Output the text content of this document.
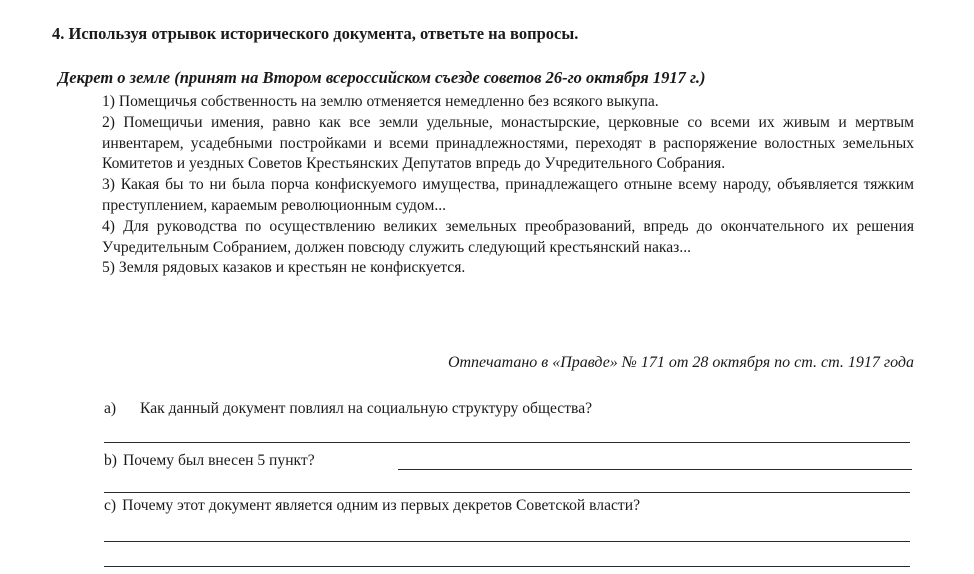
4. Используя отрывок исторического документа, ответьте на вопросы.
Декрет о земле (принят на Втором всероссийском съезде советов 26-го октября 1917 г.)

1) Помещичья собственность на землю отменяется немедленно без всякого выкупа.

2) Помещичьи имения, равно как все земли удельные, монастырские, церковные со всеми их живым и мертвым инвентарем, усадебными постройками и всеми принадлежностями, переходят в распоряжение волостных земельных Комитетов и уездных Советов Крестьянских Депутатов впредь до Учредительного Собрания.

3) Какая бы то ни была порча конфискуемого имущества, принадлежащего отныне всему народу, объявляется тяжким преступлением, караемым революционным судом...

4) Для руководства по осуществлению великих земельных преобразований, впредь до окончательного их решения Учредительным Собранием, должен повсюду служить следующий крестьянский наказ...

5) Земля рядовых казаков и крестьян не конфискуется.

Отпечатано в «Правде» № 171 от 28 октября по ст. ст. 1917 года
а) Как данный документ повлиял на социальную структуру общества?
b) Почему был внесен 5 пункт?
с) Почему этот документ является одним из первых декретов Советской власти?
